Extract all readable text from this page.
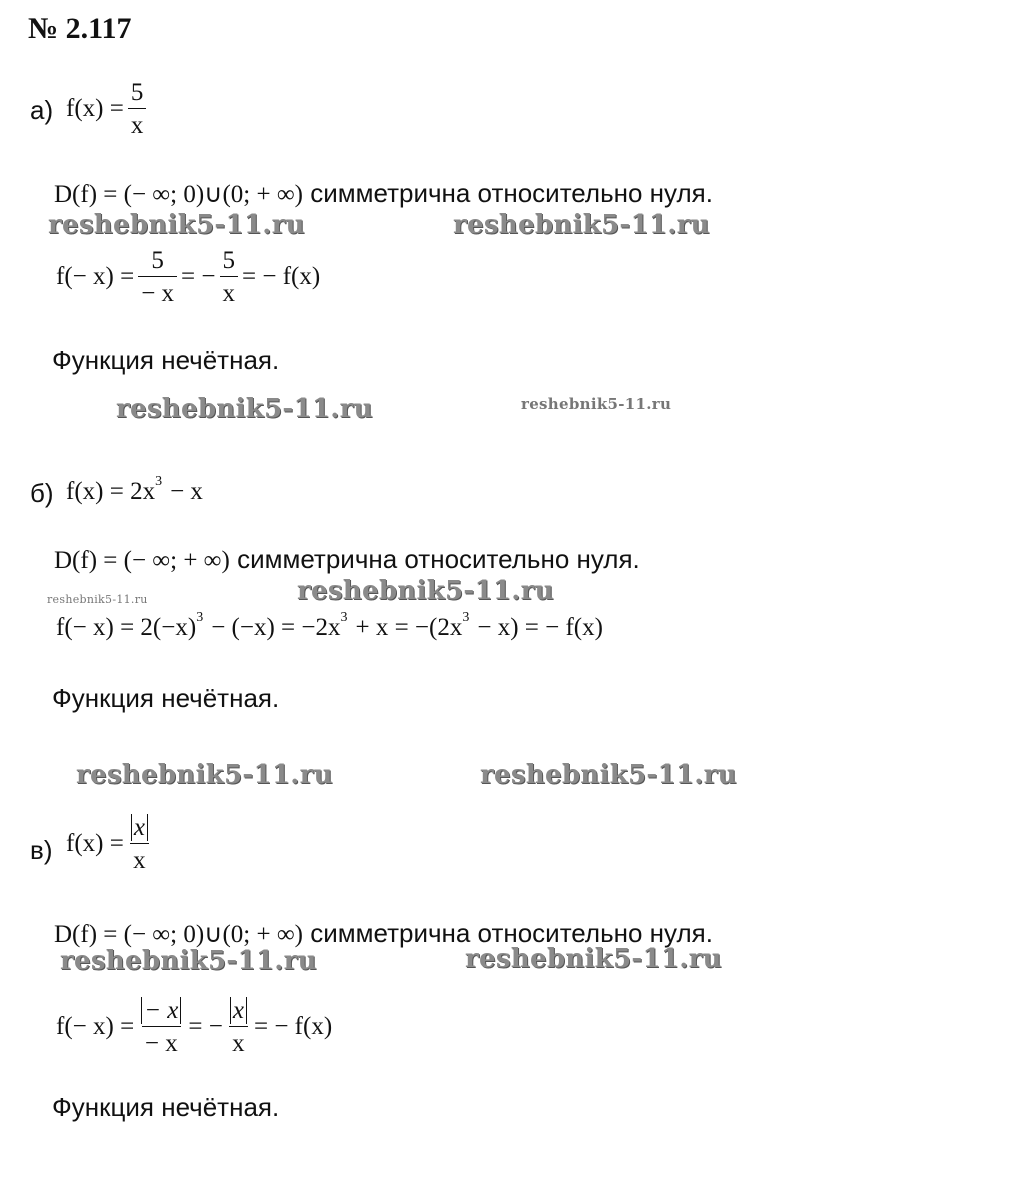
№ 2.117
а) $f(x) = \frac{5}{x}$
D(f) = (− ∞; 0)∪(0; + ∞) симметрична относительно нуля.
reshebnik5-11.ru	reshebnik5-11.ru
$f(- x) = \frac{5}{- x}$ = − $\frac{5}{x}$ = − f(x)
Функция нечётная.
reshebnik5-11.ru	reshebnik5-11.ru
б) f(x) = 2x 3 − x
D(f) = (− ∞; + ∞) симметрична относительно нуля.
reshebnik5-11.ru	reshebnik5-11.ru
f(− x) = 2(−x) 3 − (−x) = −2x 3 + x = −(2x 3 − x) = − f(x)
Функция нечётная.
reshebnik5-11.ru	reshebnik5-11.ru
в) $f(x) = \frac{x}{x}$
D(f) = (− ∞; 0)∪(0; + ∞) симметрична относительно нуля.
reshebnik5-11.ru	reshebnik5-11.ru
$f(- x) = \frac{- x}{- x}$ = − $\frac{x}{x}$ = − f(x)
Функция нечётная.
